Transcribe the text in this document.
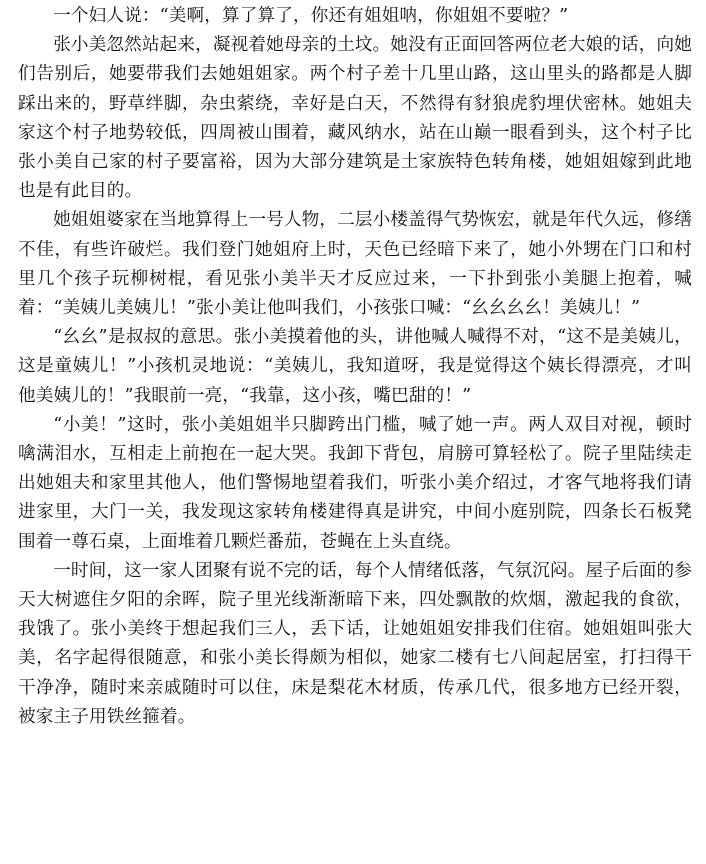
一个妇人说：“美啊，算了算了，你还有姐姐呐，你姐姐不要啦？”

张小美忽然站起来，凝视着她母亲的土坟。她没有正面回答两位老大娘的话，向她们告别后，她要带我们去她姐姐家。两个村子差十几里山路，这山里头的路都是人脚踩出来的，野草绊脚，杂虫萦绕，幸好是白天，不然得有豺狼虎豹埋伏密林。她姐夫家这个村子地势较低，四周被山围着，藏风纳水，站在山巅一眼看到头，这个村子比张小美自己家的村子要富裕，因为大部分建筑是土家族特色转角楼，她姐姐嫁到此地也是有此目的。

她姐姐婆家在当地算得上一号人物，二层小楼盖得气势恢宏，就是年代久远，修缮不佳，有些许破烂。我们登门她姐府上时，天色已经暗下来了，她小外甥在门口和村里几个孩子玩柳树棍，看见张小美半天才反应过来，一下扑到张小美腿上抱着，喊着：“美姨儿美姨儿！”张小美让他叫我们，小孩张口喊：“幺幺幺幺！美姨儿！”

“幺幺”是叔叔的意思。张小美摸着他的头，讲他喊人喊得不对，“这不是美姨儿，这是童姨儿！”小孩机灵地说：“美姨儿，我知道呀，我是觉得这个姨长得漂亮，才叫他美姨儿的！”我眼前一亮，“我靠，这小孩，嘴巴甜的！”

“小美！”这时，张小美姐姐半只脚跨出门槛，喊了她一声。两人双目对视，顿时噙满泪水，互相走上前抱在一起大哭。我卸下背包，肩膀可算轻松了。院子里陆续走出她姐夫和家里其他人，他们警惕地望着我们，听张小美介绍过，才客气地将我们请进家里，大门一关，我发现这家转角楼建得真是讲究，中间小庭别院，四条长石板凳围着一尊石桌，上面堆着几颗烂番茄，苍蝇在上头直绕。

一时间，这一家人团聚有说不完的话，每个人情绪低落，气氛沉闷。屋子后面的参天大树遮住夕阳的余晖，院子里光线渐渐暗下来，四处飘散的炊烟，激起我的食欲，我饿了。张小美终于想起我们三人，丢下话，让她姐姐安排我们住宿。她姐姐叫张大美，名字起得很随意，和张小美长得颇为相似，她家二楼有七八间起居室，打扫得干干净净，随时来亲戚随时可以住，床是梨花木材质，传承几代，很多地方已经开裂，被家主子用铁丝箍着。
